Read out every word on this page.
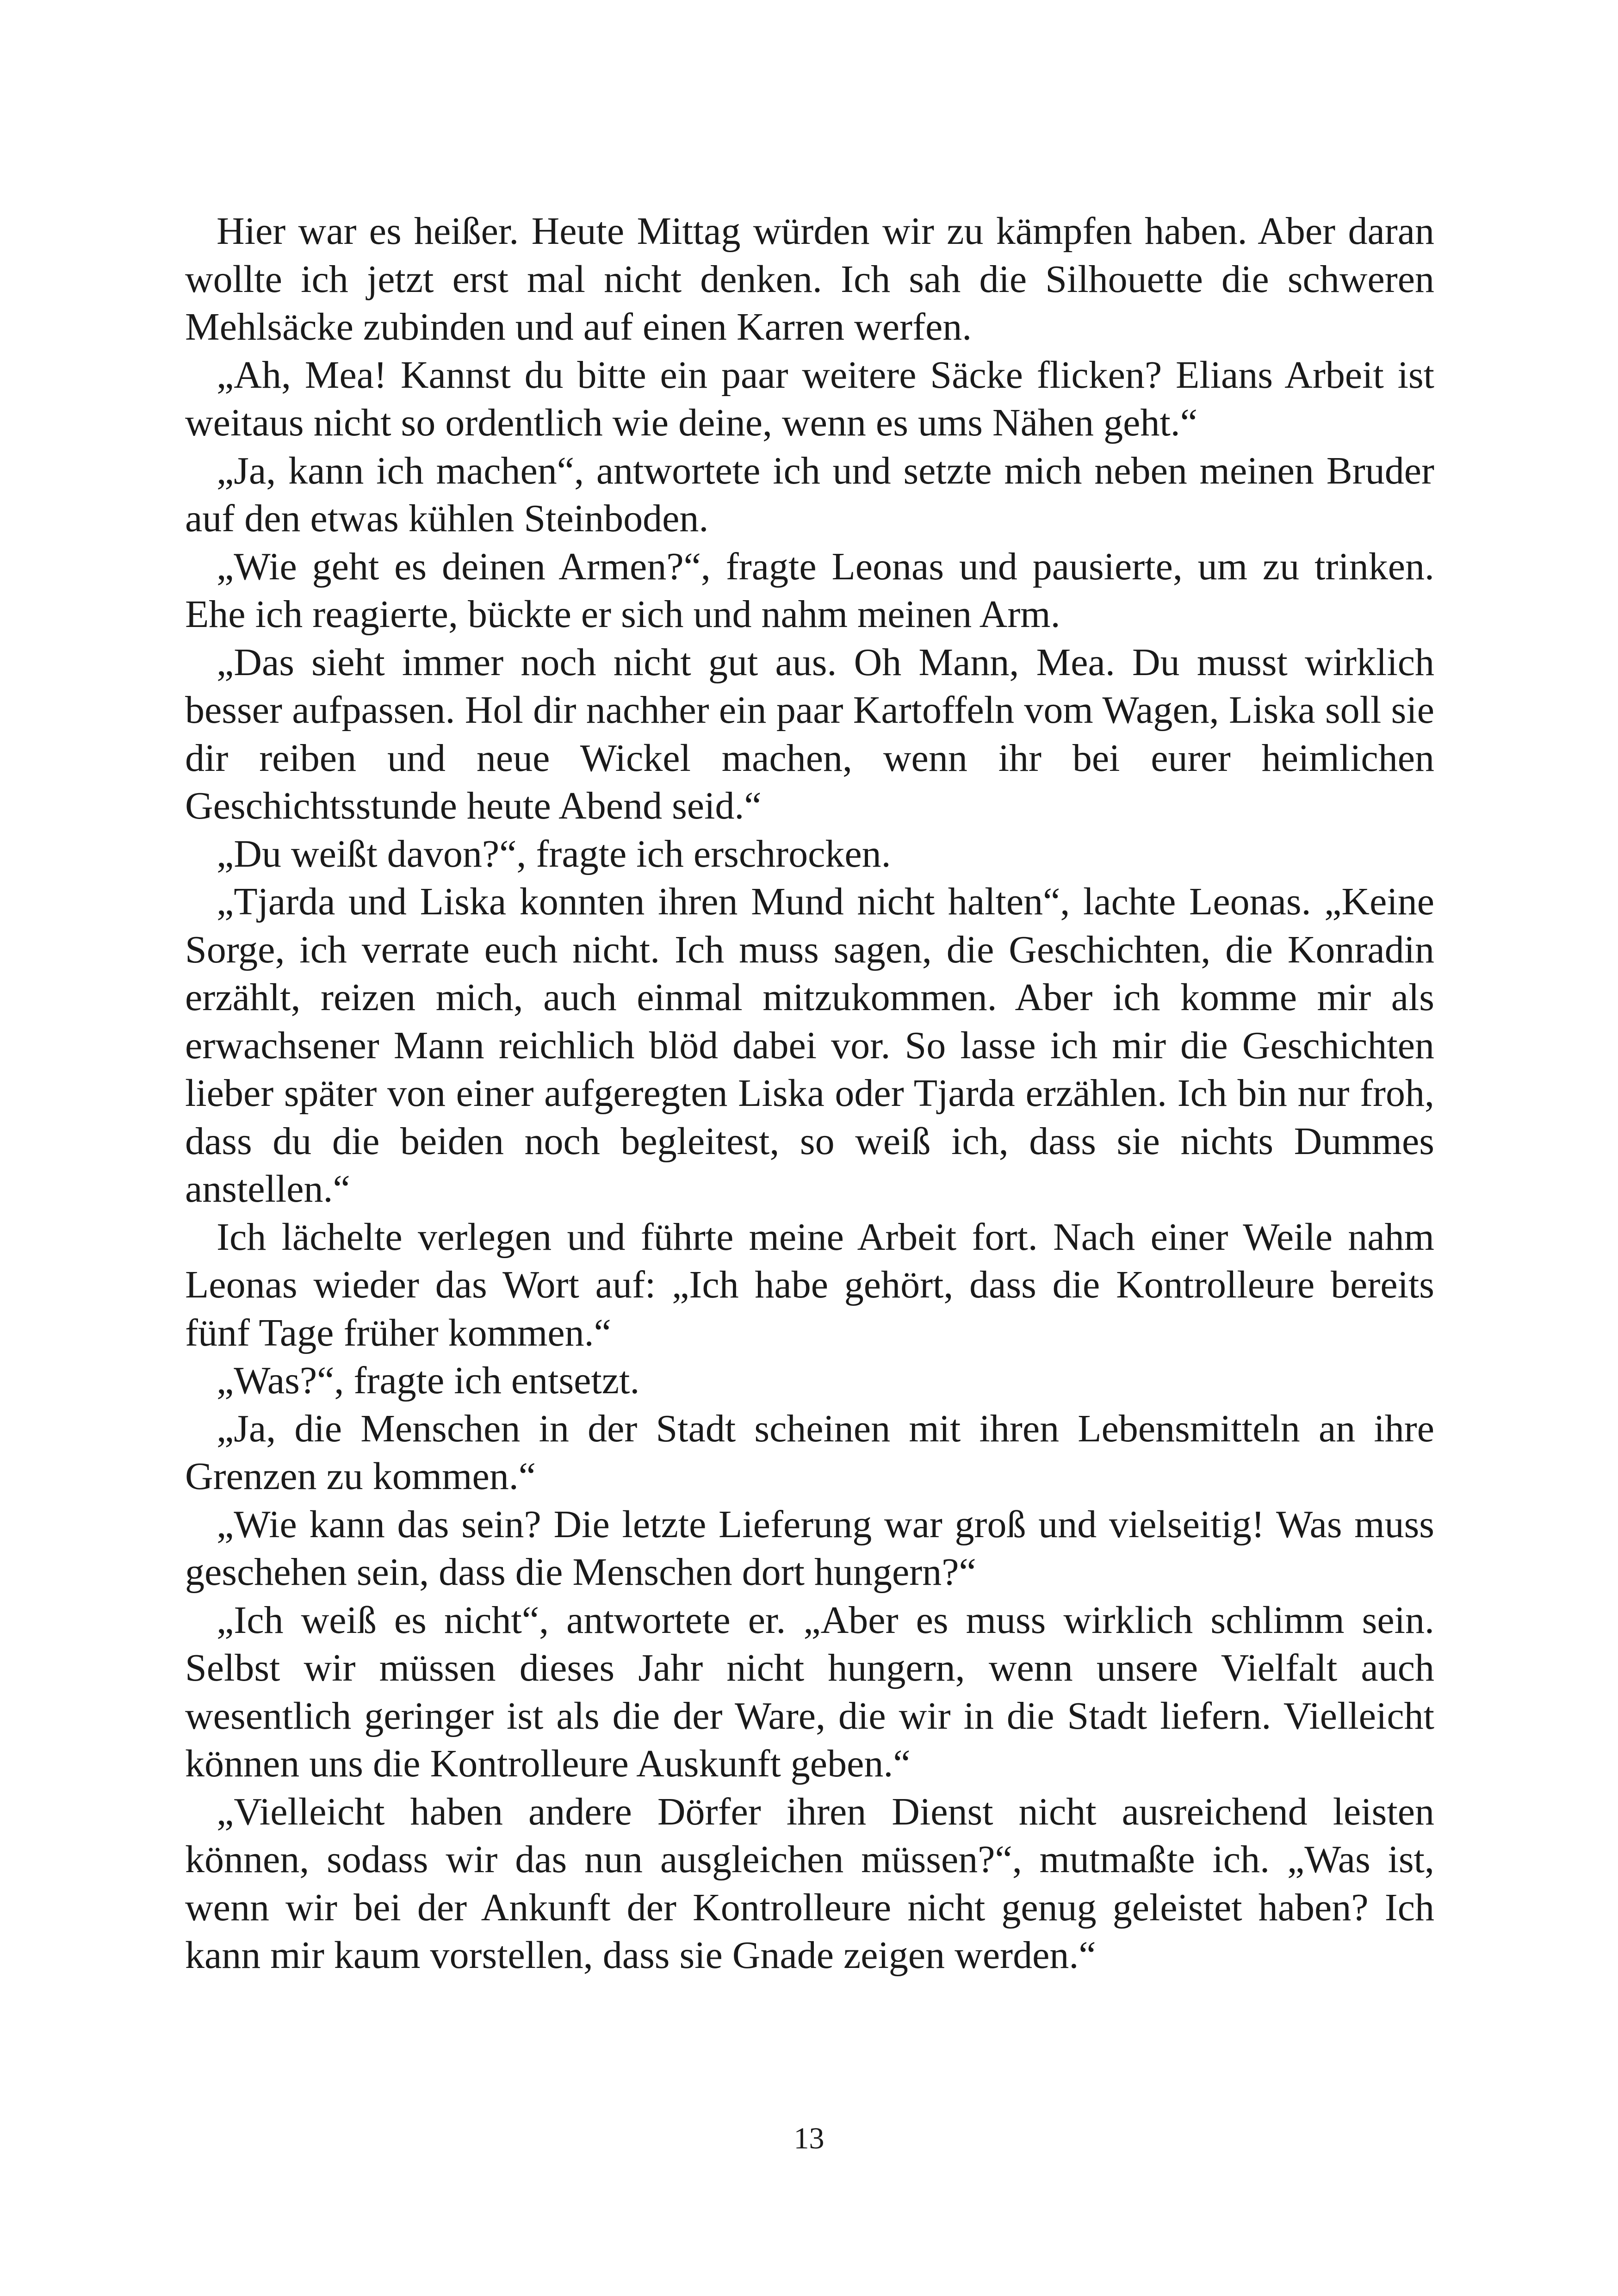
Hier war es heißer. Heute Mittag würden wir zu kämpfen haben. Aber daran wollte ich jetzt erst mal nicht denken. Ich sah die Silhouette die schweren Mehlsäcke zubinden und auf einen Karren werfen.

„Ah, Mea! Kannst du bitte ein paar weitere Säcke flicken? Elians Arbeit ist weitaus nicht so ordentlich wie deine, wenn es ums Nähen geht.“

„Ja, kann ich machen“, antwortete ich und setzte mich neben meinen Bruder auf den etwas kühlen Steinboden.

„Wie geht es deinen Armen?“, fragte Leonas und pausierte, um zu trinken. Ehe ich reagierte, bückte er sich und nahm meinen Arm.

„Das sieht immer noch nicht gut aus. Oh Mann, Mea. Du musst wirklich besser aufpassen. Hol dir nachher ein paar Kartoffeln vom Wagen, Liska soll sie dir reiben und neue Wickel machen, wenn ihr bei eurer heimlichen Geschichtsstunde heute Abend seid.“

„Du weißt davon?“, fragte ich erschrocken.

„Tjarda und Liska konnten ihren Mund nicht halten“, lachte Leonas. „Keine Sorge, ich verrate euch nicht. Ich muss sagen, die Geschichten, die Konradin erzählt, reizen mich, auch einmal mitzukommen. Aber ich komme mir als erwachsener Mann reichlich blöd dabei vor. So lasse ich mir die Geschichten lieber später von einer aufgeregten Liska oder Tjarda erzählen. Ich bin nur froh, dass du die beiden noch begleitest, so weiß ich, dass sie nichts Dummes anstellen.“

Ich lächelte verlegen und führte meine Arbeit fort. Nach einer Weile nahm Leonas wieder das Wort auf: „Ich habe gehört, dass die Kontrolleure bereits fünf Tage früher kommen.“

„Was?“, fragte ich entsetzt.

„Ja, die Menschen in der Stadt scheinen mit ihren Lebensmitteln an ihre Grenzen zu kommen.“

„Wie kann das sein? Die letzte Lieferung war groß und vielseitig! Was muss geschehen sein, dass die Menschen dort hungern?“

„Ich weiß es nicht“, antwortete er. „Aber es muss wirklich schlimm sein. Selbst wir müssen dieses Jahr nicht hungern, wenn unsere Vielfalt auch wesentlich geringer ist als die der Ware, die wir in die Stadt liefern. Vielleicht können uns die Kontrolleure Auskunft geben.“

„Vielleicht haben andere Dörfer ihren Dienst nicht ausreichend leisten können, sodass wir das nun ausgleichen müssen?“, mutmaßte ich. „Was ist, wenn wir bei der Ankunft der Kontrolleure nicht genug geleistet haben? Ich kann mir kaum vorstellen, dass sie Gnade zeigen werden.“

13
